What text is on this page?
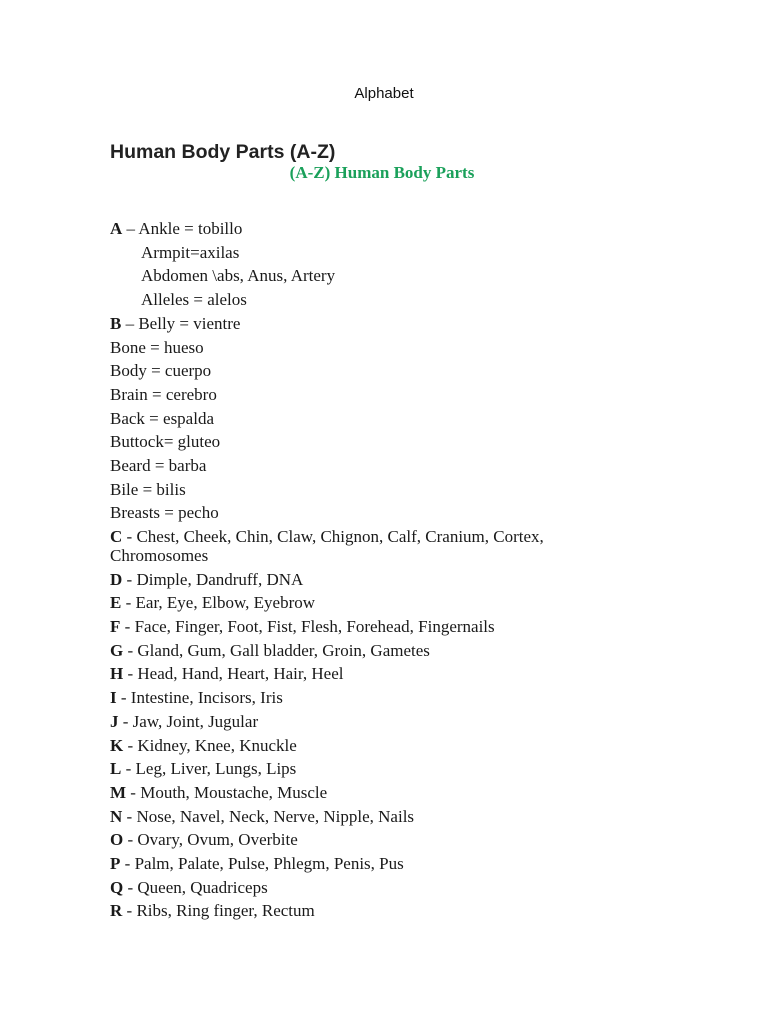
Alphabet
Human Body Parts (A-Z)
(A-Z) Human Body Parts
A – Ankle = tobillo
Armpit=axilas
Abdomen \abs, Anus, Artery
Alleles = alelos
B – Belly = vientre
Bone = hueso
Body = cuerpo
Brain = cerebro
Back = espalda
Buttock= gluteo
Beard = barba
Bile = bilis
Breasts = pecho
C - Chest, Cheek, Chin, Claw, Chignon, Calf, Cranium, Cortex, Chromosomes
D - Dimple, Dandruff, DNA
E - Ear, Eye, Elbow, Eyebrow
F - Face, Finger, Foot, Fist, Flesh, Forehead, Fingernails
G - Gland, Gum, Gall bladder, Groin, Gametes
H - Head, Hand, Heart, Hair, Heel
I - Intestine, Incisors, Iris
J - Jaw, Joint, Jugular
K - Kidney, Knee, Knuckle
L - Leg, Liver, Lungs, Lips
M - Mouth, Moustache, Muscle
N - Nose, Navel, Neck, Nerve, Nipple, Nails
O - Ovary, Ovum, Overbite
P - Palm, Palate, Pulse, Phlegm, Penis, Pus
Q - Queen, Quadriceps
R - Ribs, Ring finger, Rectum
